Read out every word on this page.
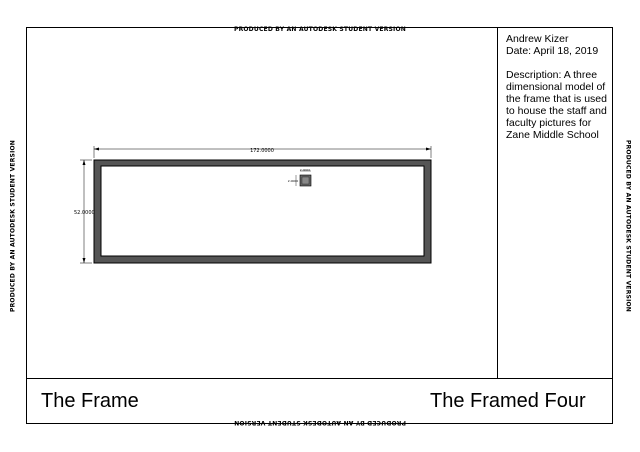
PRODUCED BY AN AUTODESK STUDENT VERSION
PRODUCED BY AN AUTODESK STUDENT VERSION
PRODUCED BY AN AUTODESK STUDENT VERSION	PRODUCED BY AN AUTODESK STUDENT VERSION

Andrew Kizer

Date: April 18, 2019

Description: A three dimensional model of the frame that is used to house the staff and faculty pictures for Zane Middle School

172.0000
52.0000
2.0000
2.0000
The Frame	The Framed Four
